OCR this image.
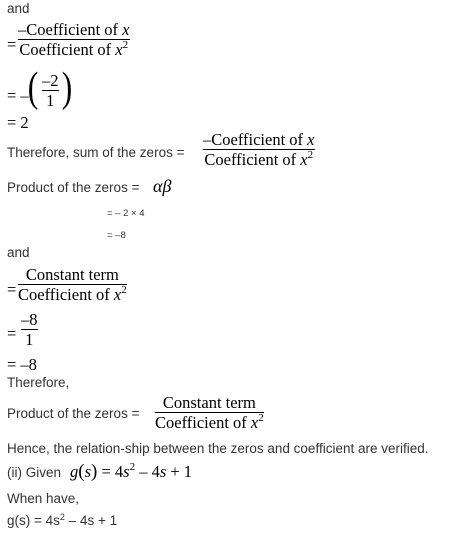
and
=
–Coefficient of x
Coefficient of $x^2$
= – ( –2
1 )
= 2
Therefore, sum of the zeros =
–Coefficient of x
Coefficient of $x^2$
Product of the zeros = αβ
= – 2 × 4
= –8
and
=
Constant term
Coefficient of $x^2$
=
–8
1
= –8
Therefore,
Product of the zeros =
Constant term
Coefficient of $x^2$
Hence, the relation-ship between the zeros and coefficient are verified.
(ii) Given $g(s) = 4s^2 - 4s + 1$
When have,
$g(s) = 4s^2 - 4s + 1$
